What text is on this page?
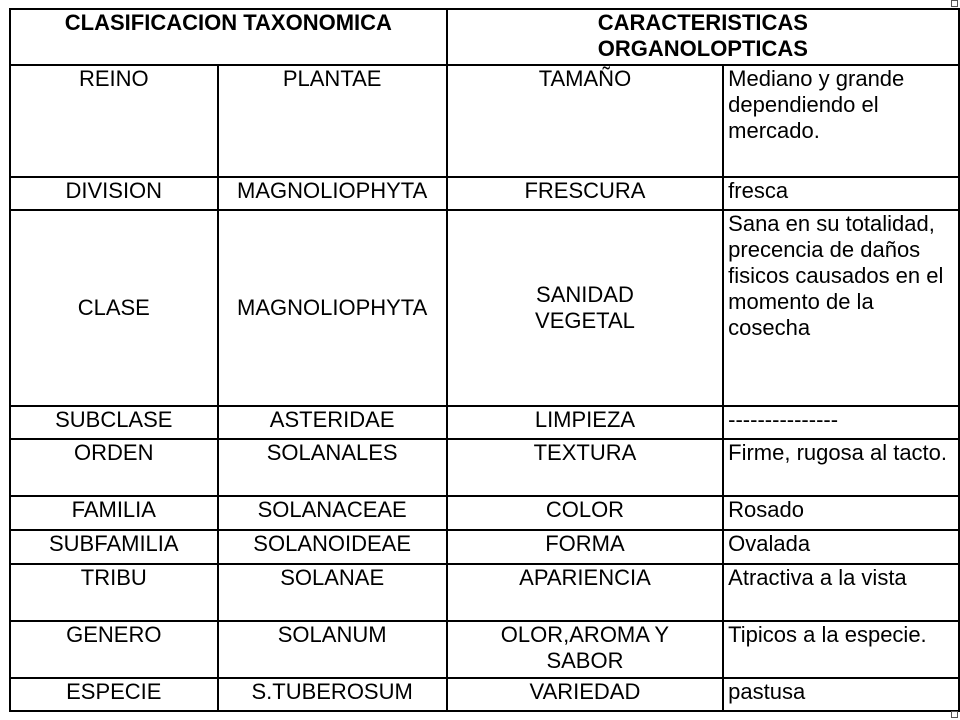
CLASIFICACION TAXONOMICA		CARACTERISTICAS ORGANOLOPTICAS	
REINO	PLANTAE	TAMAÑO	Mediano y grande dependiendo el mercado.
DIVISION	MAGNOLIOPHYTA	FRESCURA	fresca
CLASE	MAGNOLIOPHYTA	SANIDAD VEGETAL	Sana en su totalidad, precencia de daños fisicos causados en el momento de la cosecha
SUBCLASE	ASTERIDAE	LIMPIEZA	---------------
ORDEN	SOLANALES	TEXTURA	Firme, rugosa al tacto.
FAMILIA	SOLANACEAE	COLOR	Rosado
SUBFAMILIA	SOLANOIDEAE	FORMA	Ovalada
TRIBU	SOLANAE	APARIENCIA	Atractiva a la vista
GENERO	SOLANUM	OLOR,AROMA Y SABOR	Tipicos a la especie.
ESPECIE	S.TUBEROSUM	VARIEDAD	pastusa
